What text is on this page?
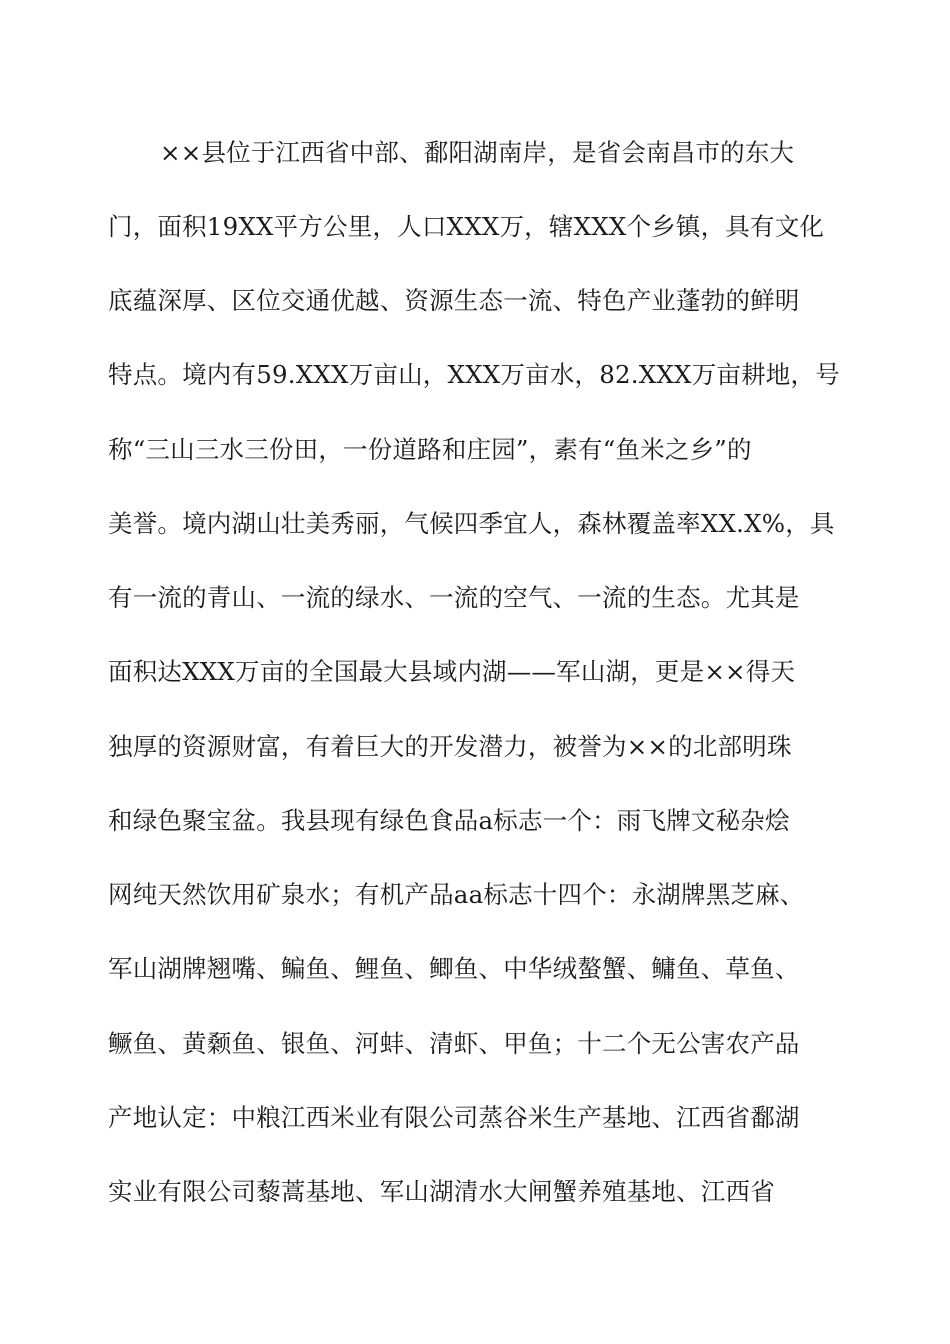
××县位于江西省中部、鄱阳湖南岸，是省会南昌市的东大
门，面积19XX平方公里，人口XXX万，辖XXX个乡镇，具有文化
底蕴深厚、区位交通优越、资源生态一流、特色产业蓬勃的鲜明
特点。境内有59.XXX万亩山，XXX万亩水，82.XXX万亩耕地，号
称“三山三水三份田，一份道路和庄园”，素有“鱼米之乡”的
美誉。境内湖山壮美秀丽，气候四季宜人，森林覆盖率XX.X%，具
有一流的青山、一流的绿水、一流的空气、一流的生态。尤其是
面积达XXX万亩的全国最大县域内湖——军山湖，更是××得天
独厚的资源财富，有着巨大的开发潜力，被誉为××的北部明珠
和绿色聚宝盆。我县现有绿色食品a标志一个：雨飞牌文秘杂烩
网纯天然饮用矿泉水；有机产品aa标志十四个：永湖牌黑芝麻、
军山湖牌翘嘴、鳊鱼、鲤鱼、鲫鱼、中华绒螯蟹、鳙鱼、草鱼、
鳜鱼、黄颡鱼、银鱼、河蚌、清虾、甲鱼；十二个无公害农产品
产地认定：中粮江西米业有限公司蒸谷米生产基地、江西省鄱湖
实业有限公司藜蒿基地、军山湖清水大闸蟹养殖基地、江西省
